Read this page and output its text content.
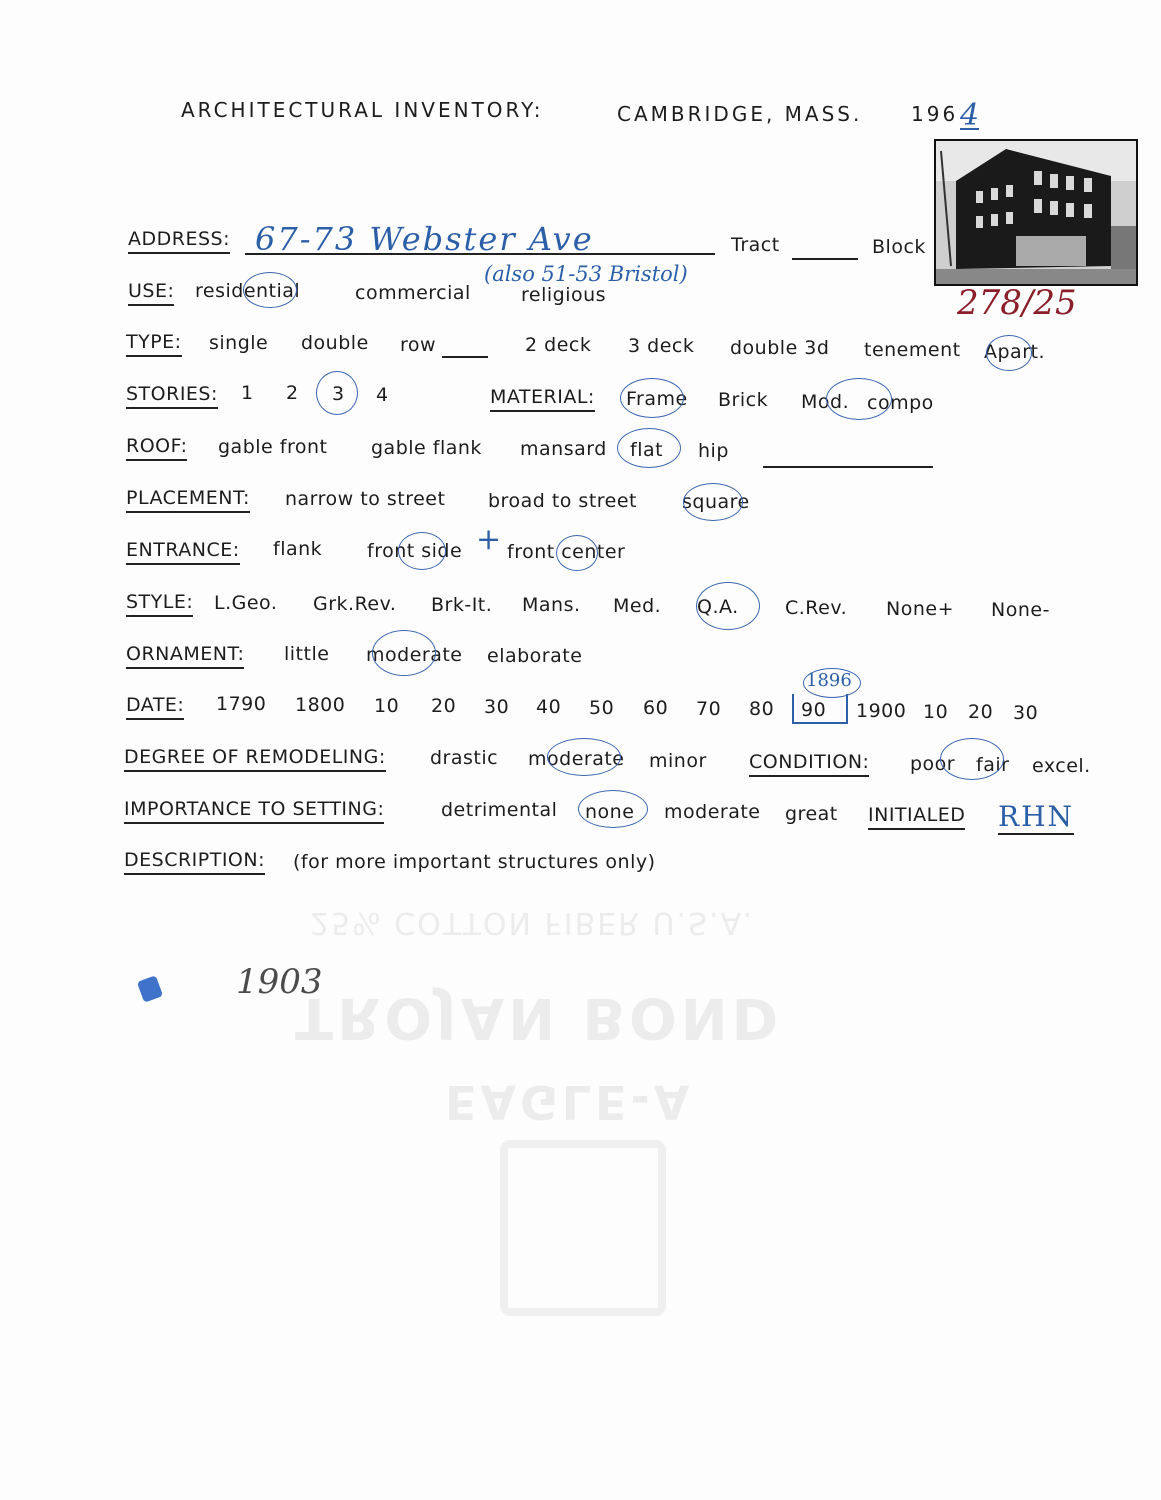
ARCHITECTURAL INVENTORY:	CAMBRIDGE, MASS. 196 4
278/25
ADDRESS: 67-73 Webster Ave
(also 51-53 Bristol)
Tract	Block
USE: residential	commercial	religious
TYPE: single double row	2 deck 3 deck double 3d tenement Apart.
STORIES: 1 2 3 4	MATERIAL: Frame Brick Mod. compo
ROOF: gable front gable flank mansard flat hip
PLACEMENT: narrow to street broad to street square
ENTRANCE: flank front side + front center
STYLE: L.Geo. Grk.Rev. Brk-It. Mans. Med. Q.A. C.Rev. None+ None-
ORNAMENT: little moderate elaborate
DATE: 1790 1800 10 20 30 40 50 60 70 80 90
1896
1900 10 20 30
DEGREE OF REMODELING: drastic moderate minor CONDITION: poor fair excel.
IMPORTANCE TO SETTING:	detrimental none moderate great INITIALED RHN
DESCRIPTION: (for more important structures only)
1903
25% COTTON FIBER U.S.A.
TROJAN BOND
EAGLE-A
